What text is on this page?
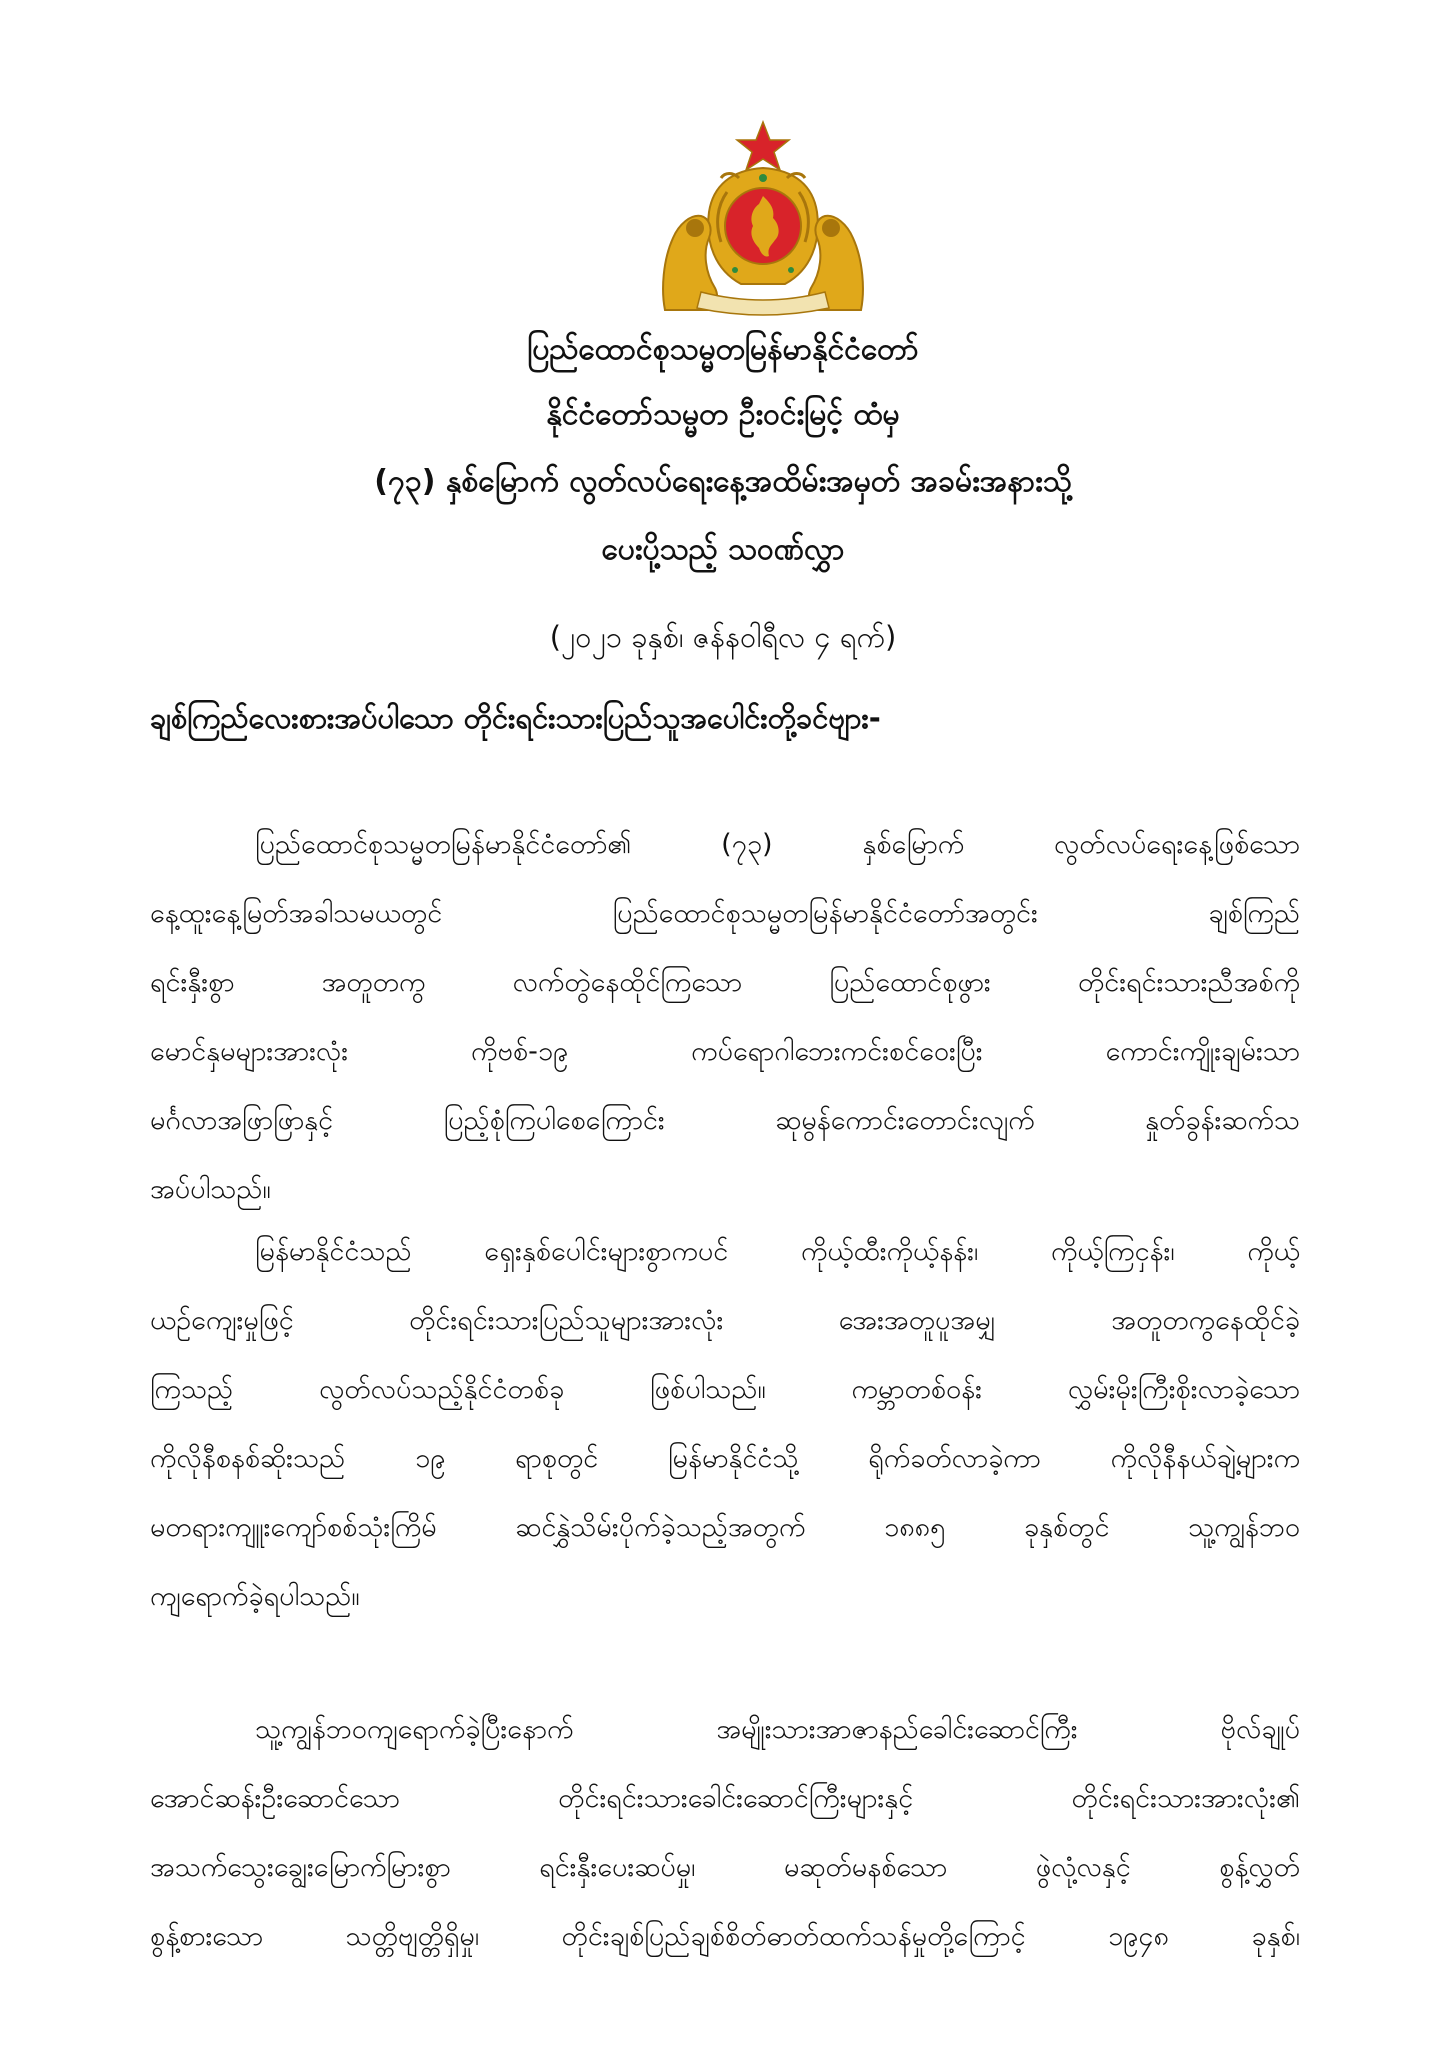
ပြည်ထောင်စုသမ္မတမြန်မာနိုင်ငံတော်
နိုင်ငံတော်သမ္မတ ဦးဝင်းမြင့် ထံမှ
(၇၃) နှစ်မြောက် လွတ်လပ်ရေးနေ့အထိမ်းအမှတ် အခမ်းအနားသို့
ပေးပို့သည့် သဝဏ်လွှာ
(၂၀၂၁ ခုနှစ်၊ ဇန်နဝါရီလ ၄ ရက်)
ချစ်ကြည်လေးစားအပ်ပါသော တိုင်းရင်းသားပြည်သူအပေါင်းတို့ခင်ဗျား-
ပြည်ထောင်စုသမ္မတမြန်မာနိုင်ငံတော်၏ (၇၃) နှစ်မြောက် လွတ်လပ်ရေးနေ့ဖြစ်သော
နေ့ထူးနေ့မြတ်အခါသမယတွင် ပြည်ထောင်စုသမ္မတမြန်မာနိုင်ငံတော်အတွင်း ချစ်ကြည်
ရင်းနှီးစွာ အတူတကွ လက်တွဲနေထိုင်ကြသော ပြည်ထောင်စုဖွား တိုင်းရင်းသားညီအစ်ကို
မောင်နှမများအားလုံး ကိုဗစ်-၁၉ ကပ်ရောဂါဘေးကင်းစင်ဝေးပြီး ကောင်းကျိုးချမ်းသာ
မင်္ဂလာအဖြာဖြာနှင့် ပြည့်စုံကြပါစေကြောင်း ဆုမွန်ကောင်းတောင်းလျက် နှုတ်ခွန်းဆက်သ
အပ်ပါသည်။
မြန်မာနိုင်ငံသည် ရှေးနှစ်ပေါင်းများစွာကပင် ကိုယ့်ထီးကိုယ့်နန်း၊ ကိုယ့်ကြငှန်း၊ ကိုယ့်
ယဉ်ကျေးမှုဖြင့် တိုင်းရင်းသားပြည်သူများအားလုံး အေးအတူပူအမျှ အတူတကွနေထိုင်ခဲ့
ကြသည့် လွတ်လပ်သည့်နိုင်ငံတစ်ခု ဖြစ်ပါသည်။ ကမ္ဘာတစ်ဝန်း လွှမ်းမိုးကြီးစိုးလာခဲ့သော
ကိုလိုနီစနစ်ဆိုးသည် ၁၉ ရာစုတွင် မြန်မာနိုင်ငံသို့ ရိုက်ခတ်လာခဲ့ကာ ကိုလိုနီနယ်ချဲ့များက
မတရားကျူးကျော်စစ်သုံးကြိမ် ဆင်နွှဲသိမ်းပိုက်ခဲ့သည့်အတွက် ၁၈၈၅ ခုနှစ်တွင် သူ့ကျွန်ဘဝ
ကျရောက်ခဲ့ရပါသည်။
သူ့ကျွန်ဘဝကျရောက်ခဲ့ပြီးနောက် အမျိုးသားအာဇာနည်ခေါင်းဆောင်ကြီး ဗိုလ်ချုပ်
အောင်ဆန်းဦးဆောင်သော တိုင်းရင်းသားခေါင်းဆောင်ကြီးများနှင့် တိုင်းရင်းသားအားလုံး၏
အသက်သွေးချွေးမြောက်မြားစွာ ရင်းနှီးပေးဆပ်မှု၊ မဆုတ်မနစ်သော ဖွဲလုံ့လနှင့် စွန့်လွှတ်
စွန့်စားသော သတ္တိဗျတ္တိရှိမှု၊ တိုင်းချစ်ပြည်ချစ်စိတ်ဓာတ်ထက်သန်မှုတို့ကြောင့် ၁၉၄၈ ခုနှစ်၊
